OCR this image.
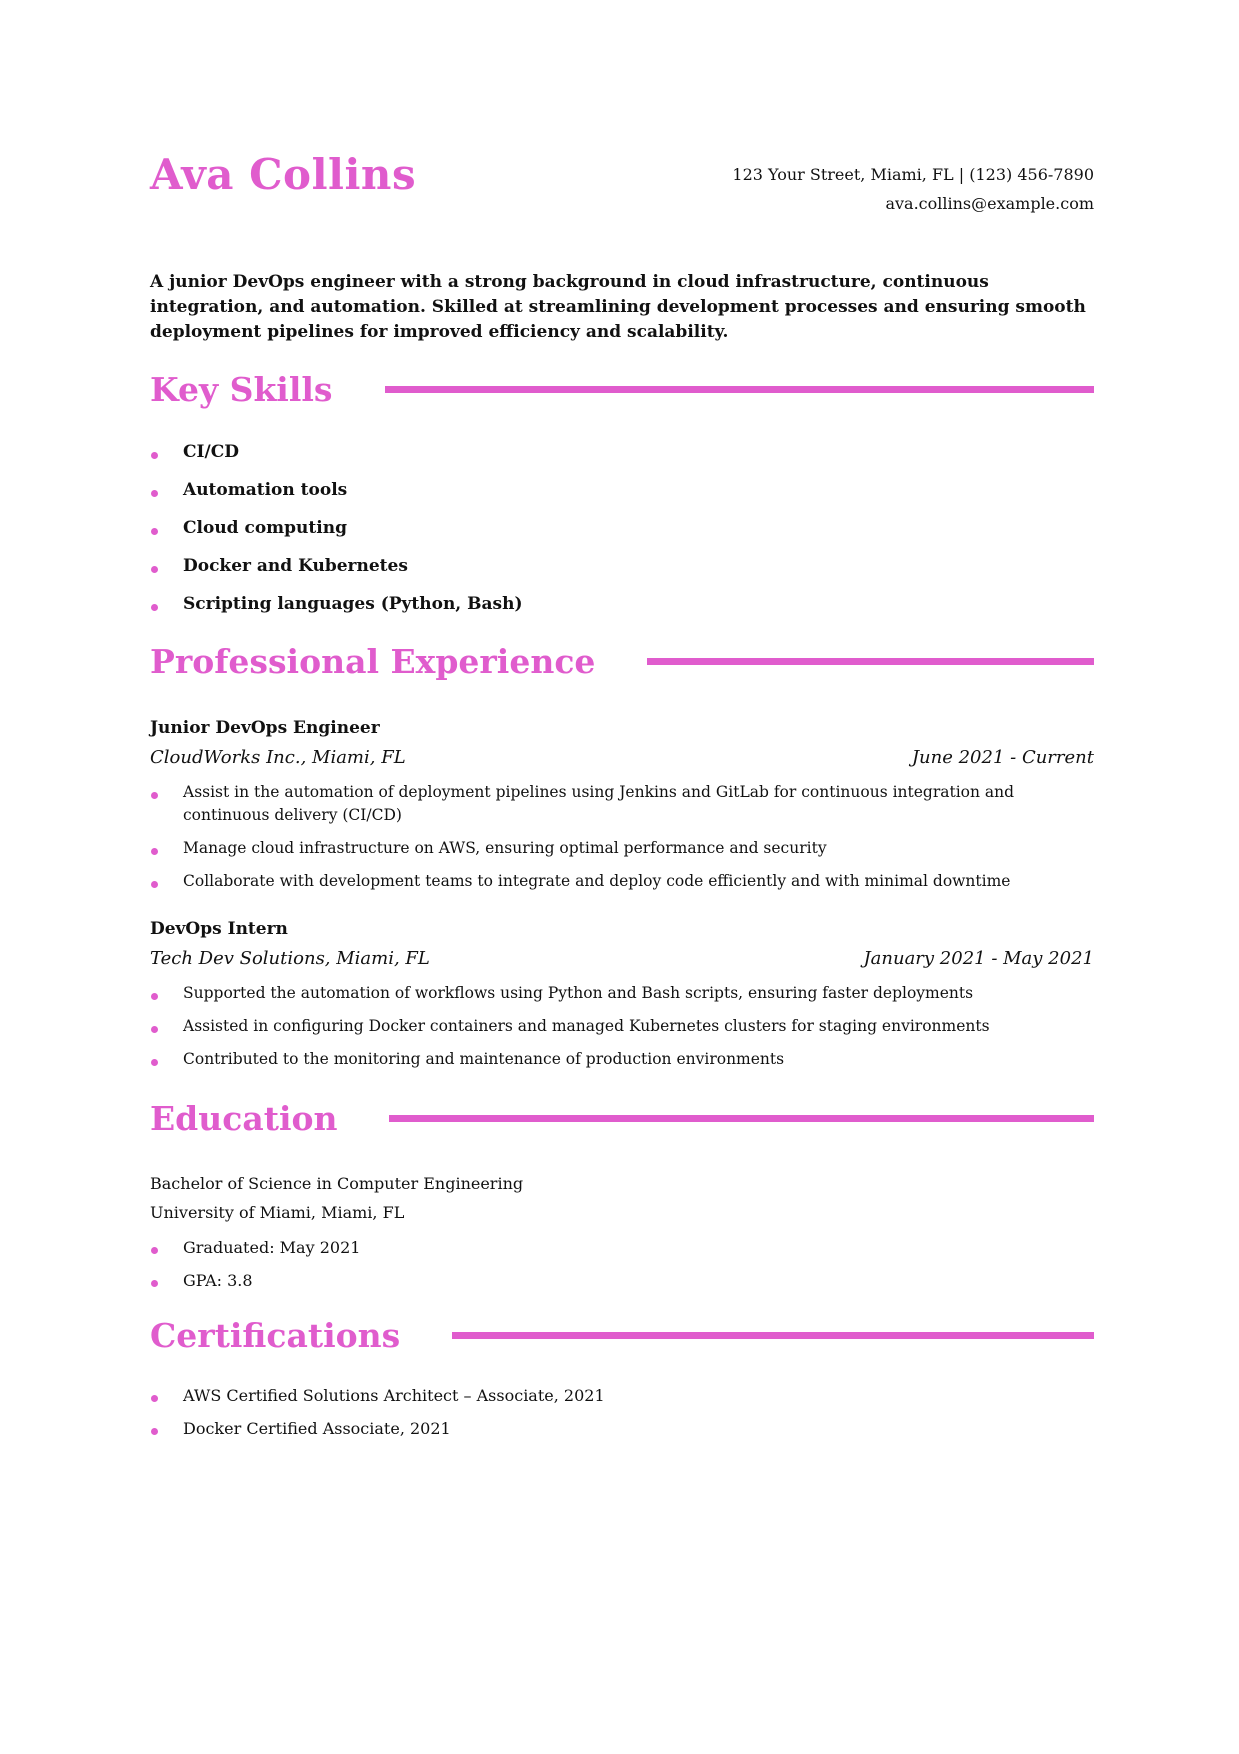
Ava Collins	123 Your Street, Miami, FL | (123) 456-7890
ava.collins@example.com

A junior DevOps engineer with a strong background in cloud infrastructure, continuous integration, and automation. Skilled at streamlining development processes and ensuring smooth deployment pipelines for improved efficiency and scalability.

Key Skills
CI/CD
Automation tools
Cloud computing
Docker and Kubernetes
Scripting languages (Python, Bash)
Professional Experience
Junior DevOps Engineer
CloudWorks Inc., Miami, FL	June 2021 - Current
Assist in the automation of deployment pipelines using Jenkins and GitLab for continuous integration and continuous delivery (CI/CD)
Manage cloud infrastructure on AWS, ensuring optimal performance and security
Collaborate with development teams to integrate and deploy code efficiently and with minimal downtime
DevOps Intern
Tech Dev Solutions, Miami, FL	January 2021 - May 2021
Supported the automation of workflows using Python and Bash scripts, ensuring faster deployments
Assisted in configuring Docker containers and managed Kubernetes clusters for staging environments
Contributed to the monitoring and maintenance of production environments
Education
Bachelor of Science in Computer Engineering
University of Miami, Miami, FL
Graduated: May 2021
GPA: 3.8
Certifications
AWS Certified Solutions Architect – Associate, 2021
Docker Certified Associate, 2021
